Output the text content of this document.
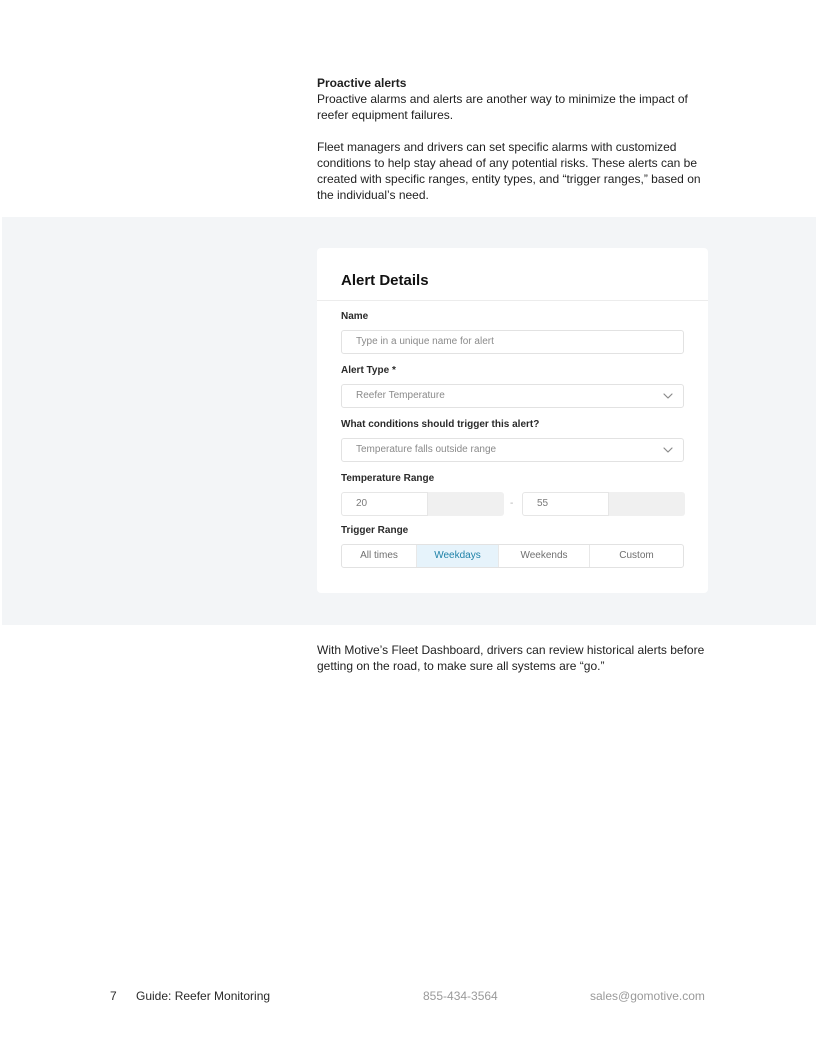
Proactive alerts

Proactive alarms and alerts are another way to minimize the impact of reefer equipment failures.

Fleet managers and drivers can set specific alarms with customized conditions to help stay ahead of any potential risks. These alerts can be created with specific ranges, entity types, and “trigger ranges,” based on the individual’s need.

Alert Details
Name
Type in a unique name for alert
Alert Type *
Reefer Temperature
What conditions should trigger this alert?
Temperature falls outside range
Temperature Range
20	-	55
Trigger Range
All times	Weekdays	Weekends	Custom

With Motive’s Fleet Dashboard, drivers can review historical alerts before getting on the road, to make sure all systems are “go.”

7 Guide: Reefer Monitoring	855-434-3564	sales@gomotive.com
